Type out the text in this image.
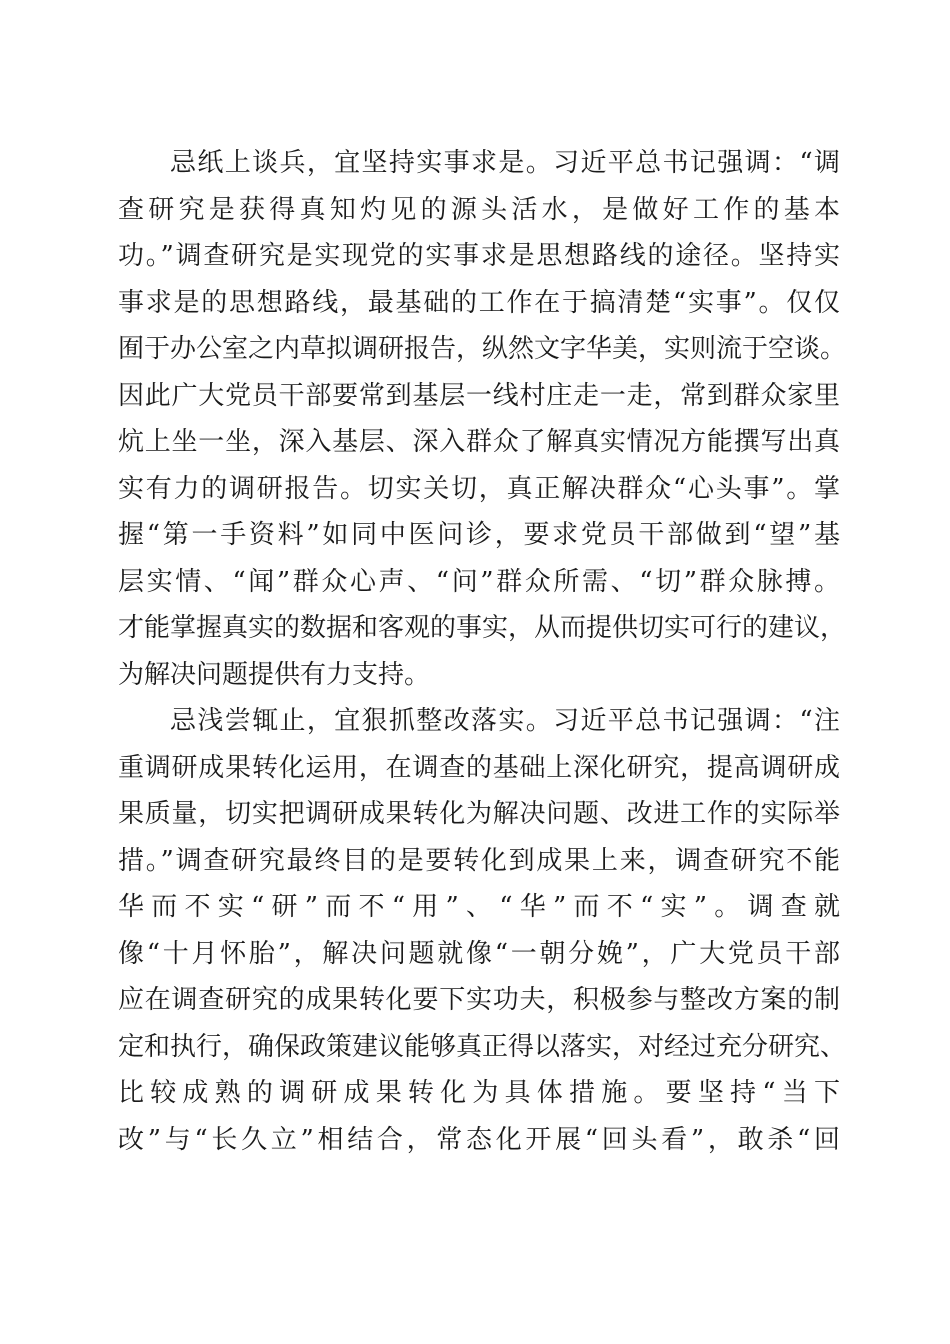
忌纸上谈兵，宜坚持实事求是。习近平总书记强调：“调
查研究是获得真知灼见的源头活水，是做好工作的基本
功。”调查研究是实现党的实事求是思想路线的途径。坚持实
事求是的思想路线，最基础的工作在于搞清楚“实事”。仅仅
囿于办公室之内草拟调研报告，纵然文字华美，实则流于空谈。
因此广大党员干部要常到基层一线村庄走一走，常到群众家里
炕上坐一坐，深入基层、深入群众了解真实情况方能撰写出真
实有力的调研报告。切实关切，真正解决群众“心头事”。掌
握“第一手资料”如同中医问诊，要求党员干部做到“望”基
层实情、“闻”群众心声、“问”群众所需、“切”群众脉搏。
才能掌握真实的数据和客观的事实，从而提供切实可行的建议，
为解决问题提供有力支持。
忌浅尝辄止，宜狠抓整改落实。习近平总书记强调：“注
重调研成果转化运用，在调查的基础上深化研究，提高调研成
果质量，切实把调研成果转化为解决问题、改进工作的实际举
措。”调查研究最终目的是要转化到成果上来，调查研究不能
华而不实“研”而不“用”、“华”而不“实”。调查就
像“十月怀胎”，解决问题就像“一朝分娩”，广大党员干部
应在调查研究的成果转化要下实功夫，积极参与整改方案的制
定和执行，确保政策建议能够真正得以落实，对经过充分研究、
比较成熟的调研成果转化为具体措施。要坚持“当下
改”与“长久立”相结合，常态化开展“回头看”，敢杀“回
